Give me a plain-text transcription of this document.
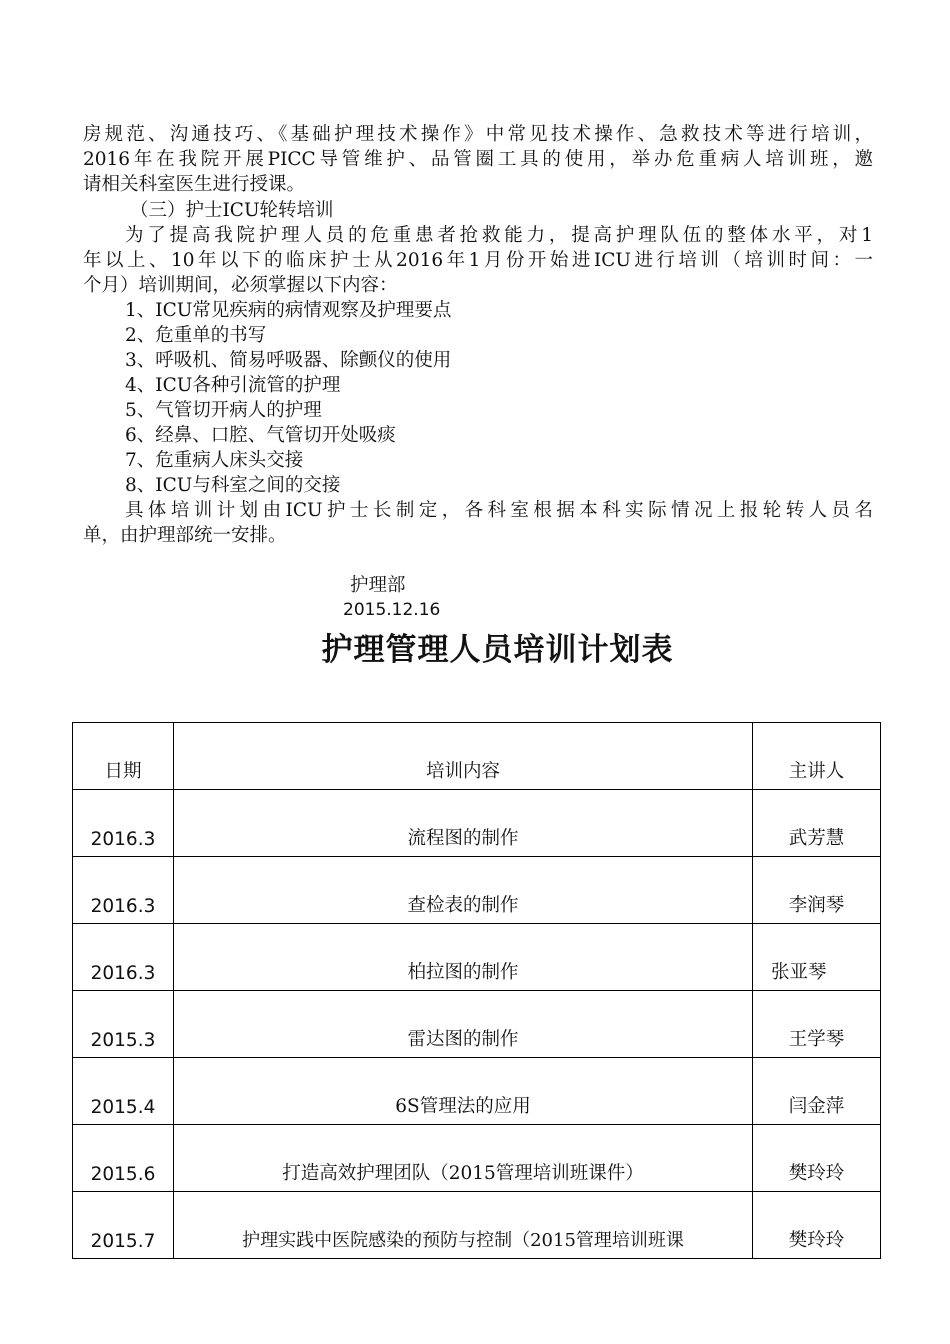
房规范、沟通技巧、《基础护理技术操作》中常见技术操作、急救技术等进行培训，
2016年在我院开展PICC导管维护、品管圈工具的使用，举办危重病人培训班，邀
请相关科室医生进行授课。
（三）护士ICU轮转培训
为了提高我院护理人员的危重患者抢救能力，提高护理队伍的整体水平，对1
年以上、10年以下的临床护士从2016年1月份开始进ICU进行培训（培训时间：一
个月）培训期间，必须掌握以下内容：
1、ICU常见疾病的病情观察及护理要点
2、危重单的书写
3、呼吸机、简易呼吸器、除颤仪的使用
4、ICU各种引流管的护理
5、气管切开病人的护理
6、经鼻、口腔、气管切开处吸痰
7、危重病人床头交接
8、ICU与科室之间的交接
具体培训计划由ICU护士长制定，各科室根据本科实际情况上报轮转人员名
单，由护理部统一安排。
护理部
2015.12.16
护理管理人员培训计划表
日期	培训内容	主讲人
2016.3	流程图的制作	武芳慧
2016.3	查检表的制作	李润琴
2016.3	柏拉图的制作	张亚琴
2015.3	雷达图的制作	王学琴
2015.4	6S管理法的应用	闫金萍
2015.6	打造高效护理团队（2015管理培训班课件）	樊玲玲
2015.7	护理实践中医院感染的预防与控制（2015管理培训班课	樊玲玲
